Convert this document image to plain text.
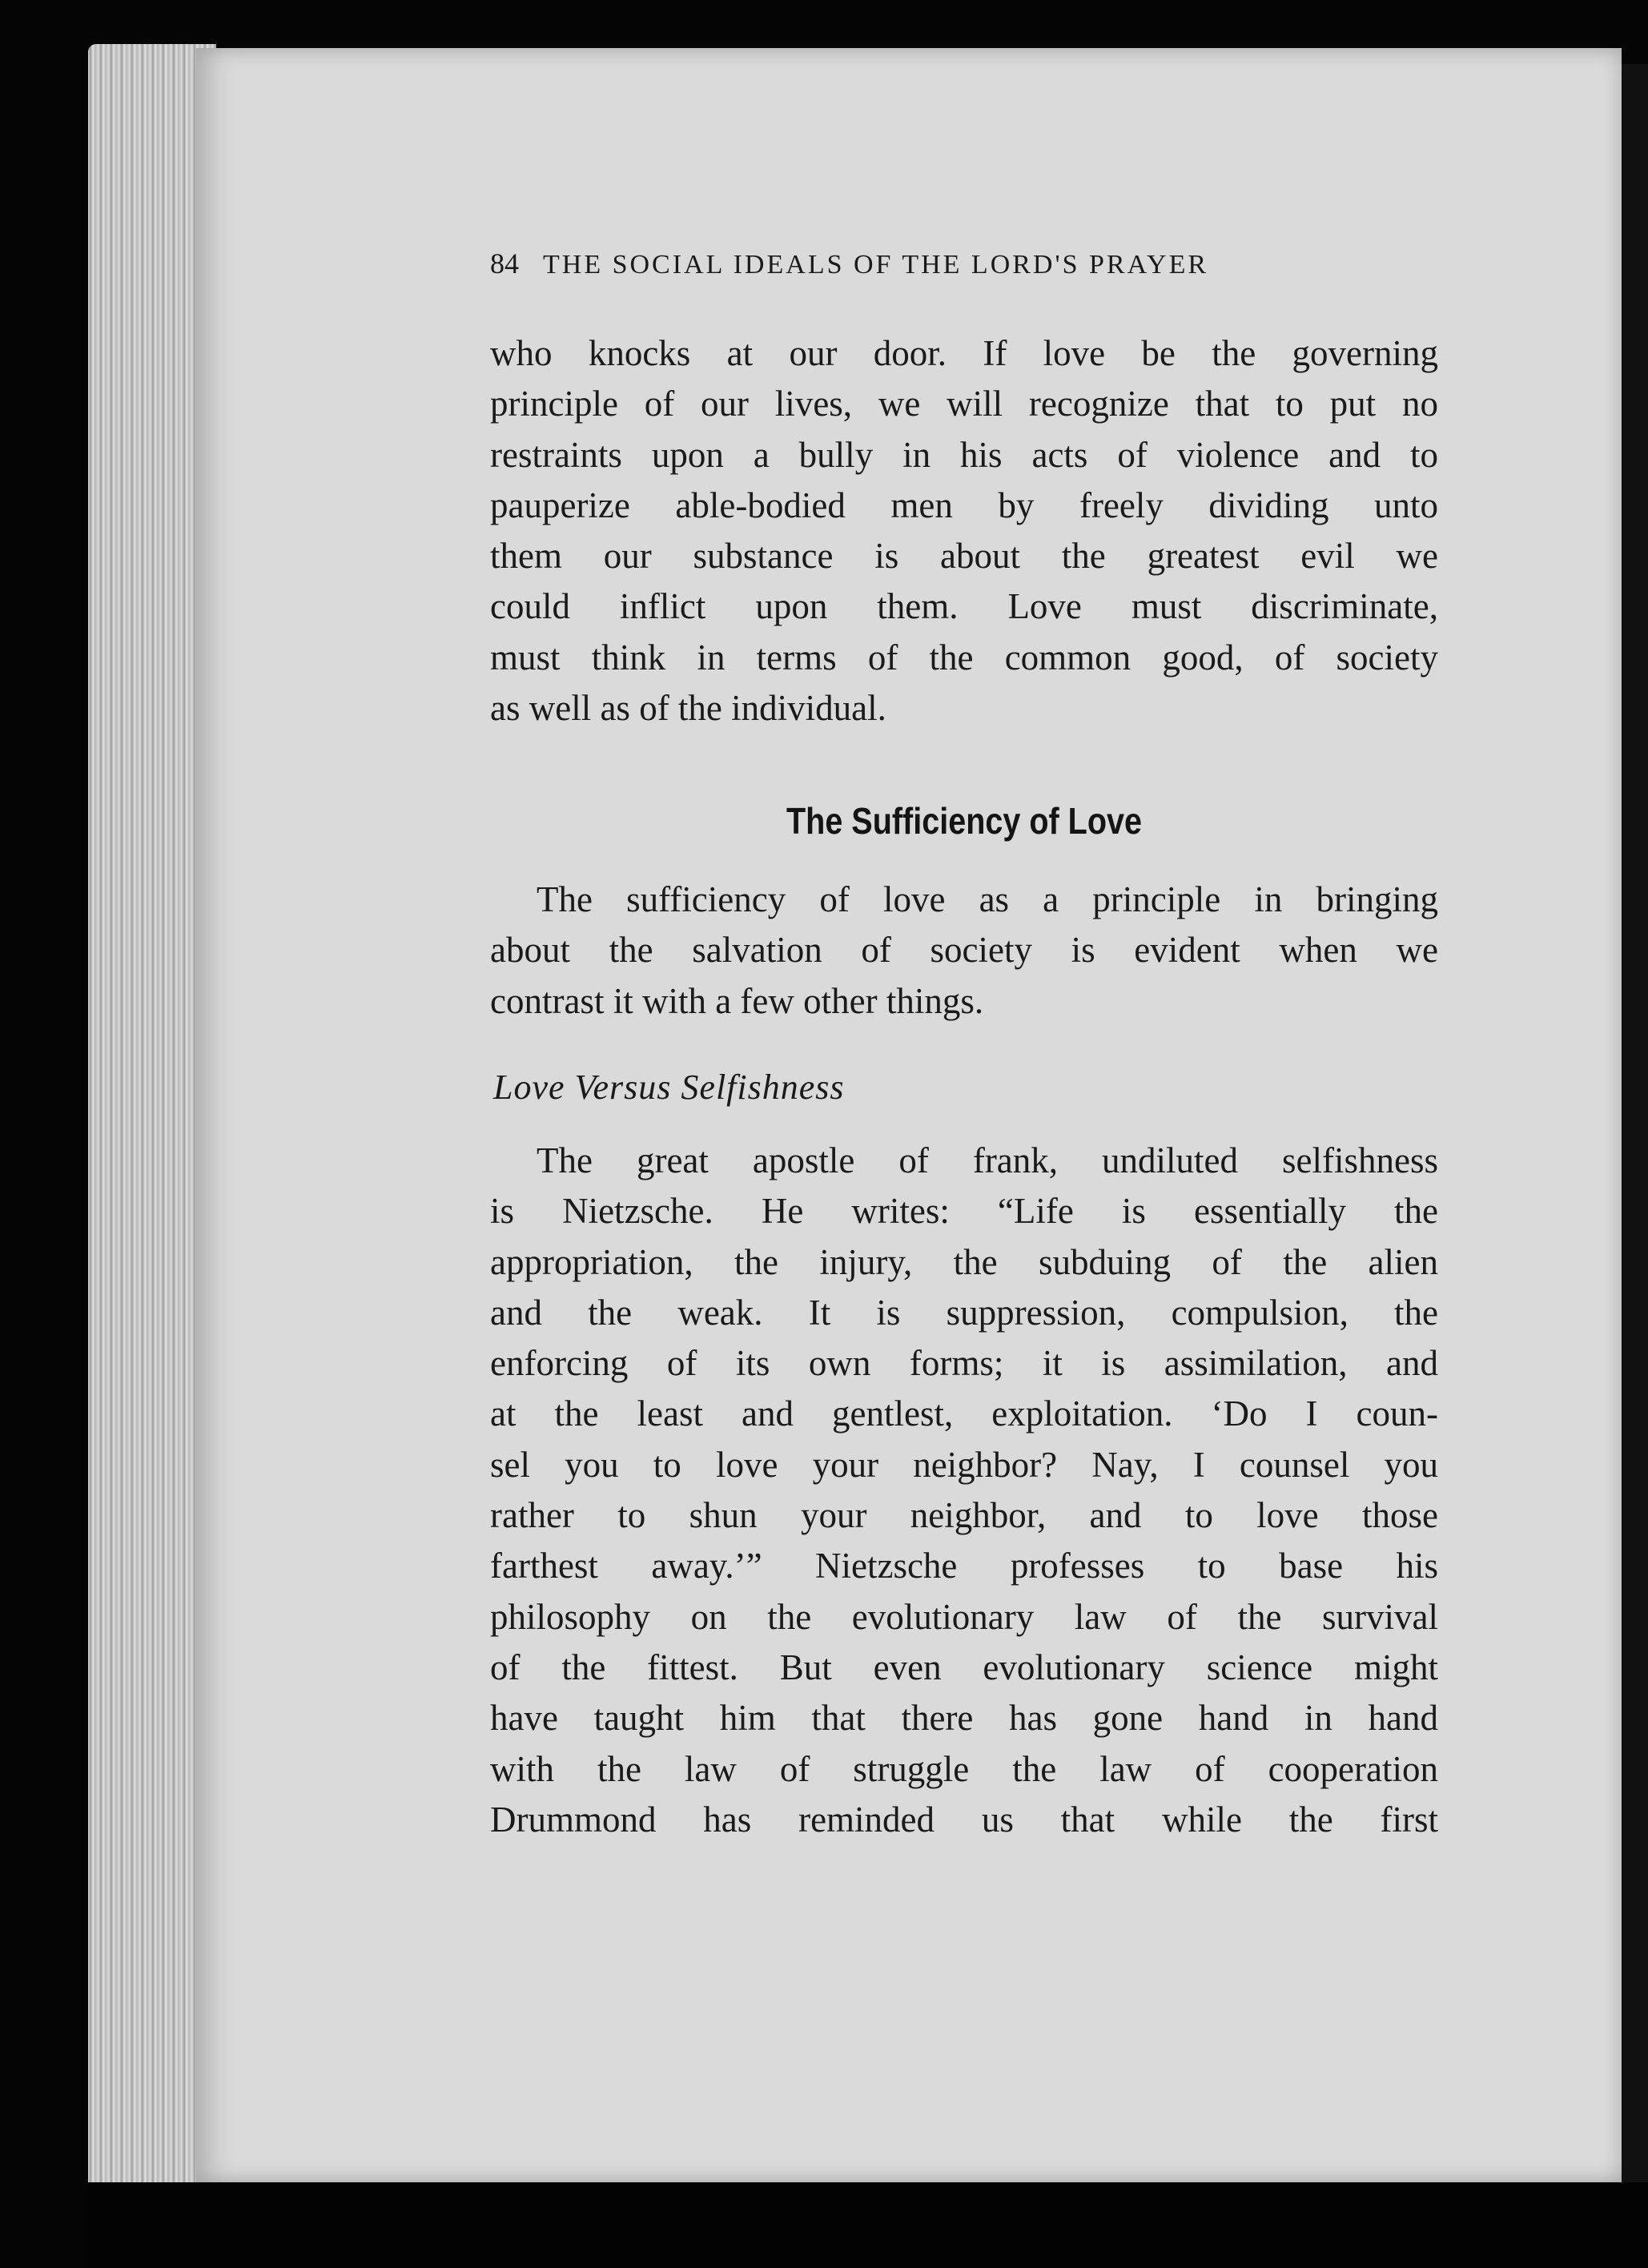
84 THE SOCIAL IDEALS OF THE LORD'S PRAYER
who knocks at our door. If love be the governing
principle of our lives, we will recognize that to put no
restraints upon a bully in his acts of violence and to
pauperize able-bodied men by freely dividing unto
them our substance is about the greatest evil we
could inflict upon them. Love must discriminate,
must think in terms of the common good, of society
as well as of the individual.
The Sufficiency of Love
The sufficiency of love as a principle in bringing
about the salvation of society is evident when we
contrast it with a few other things.
Love Versus Selfishness
The great apostle of frank, undiluted selfishness
is Nietzsche. He writes: “Life is essentially the
appropriation, the injury, the subduing of the alien
and the weak. It is suppression, compulsion, the
enforcing of its own forms; it is assimilation, and
at the least and gentlest, exploitation. ‘Do I coun-
sel you to love your neighbor? Nay, I counsel you
rather to shun your neighbor, and to love those
farthest away.’” Nietzsche professes to base his
philosophy on the evolutionary law of the survival
of the fittest. But even evolutionary science might
have taught him that there has gone hand in hand
with the law of struggle the law of cooperation
Drummond has reminded us that while the first
